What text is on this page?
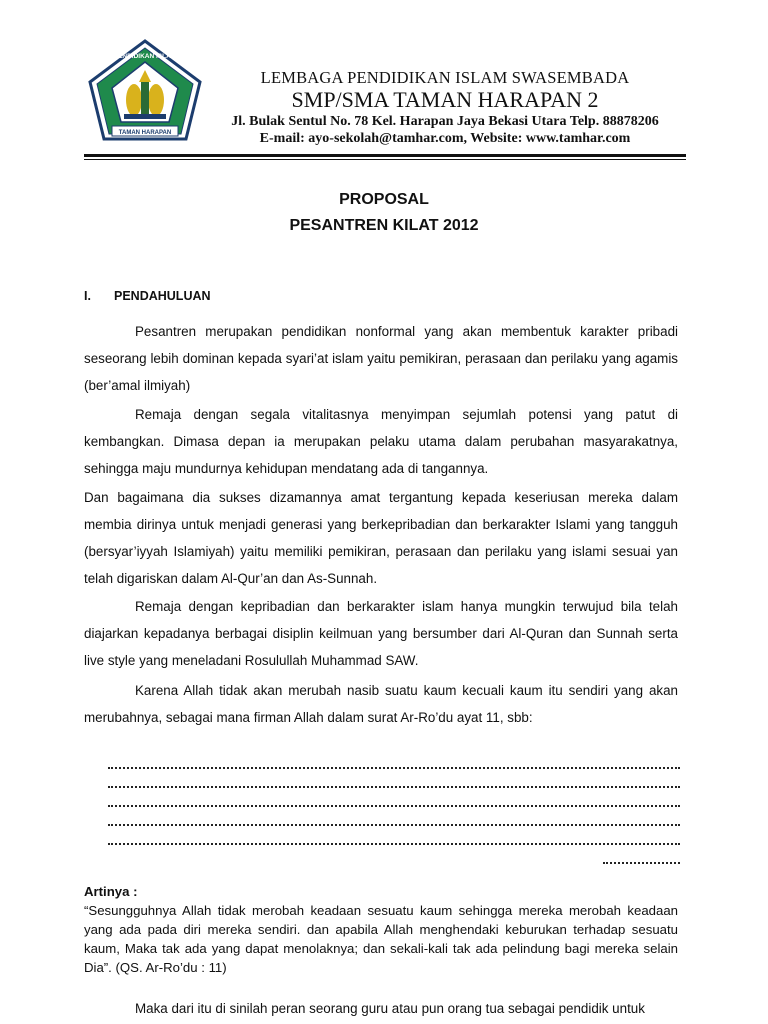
TAMAN HARAPAN
PENDIDIKAN ISLAM
LEMBAGA PENDIDIKAN ISLAM SWASEMBADA
SMP/SMA TAMAN HARAPAN 2
Jl. Bulak Sentul No. 78 Kel. Harapan Jaya Bekasi Utara Telp. 88878206
E-mail: ayo-sekolah@tamhar.com, Website: www.tamhar.com
PROPOSAL
PESANTREN KILAT 2012
I. PENDAHULUAN

Pesantren merupakan pendidikan nonformal yang akan membentuk karakter pribadi seseorang lebih dominan kepada syari’at islam yaitu pemikiran, perasaan dan perilaku yang agamis (ber’amal ilmiyah)

Remaja dengan segala vitalitasnya menyimpan sejumlah potensi yang patut di kembangkan. Dimasa depan ia merupakan pelaku utama dalam perubahan masyarakatnya, sehingga maju mundurnya kehidupan mendatang ada di tangannya.

Dan bagaimana dia sukses dizamannya amat tergantung kepada keseriusan mereka dalam membia dirinya untuk menjadi generasi yang berkepribadian dan berkarakter Islami yang tangguh (bersyar’iyyah Islamiyah) yaitu memiliki pemikiran, perasaan dan perilaku yang islami sesuai yan telah digariskan dalam Al-Qur’an dan As-Sunnah.

Remaja dengan kepribadian dan berkarakter islam hanya mungkin terwujud bila telah diajarkan kepadanya berbagai disiplin keilmuan yang bersumber dari Al-Quran dan Sunnah serta live style yang meneladani Rosulullah Muhammad SAW.

Karena Allah tidak akan merubah nasib suatu kaum kecuali kaum itu sendiri yang akan merubahnya, sebagai mana firman Allah dalam surat Ar-Ro’du ayat 11, sbb:

Artinya :

“Sesungguhnya Allah tidak merobah keadaan sesuatu kaum sehingga mereka merobah keadaan yang ada pada diri mereka sendiri. dan apabila Allah menghendaki keburukan terhadap sesuatu kaum, Maka tak ada yang dapat menolaknya; dan sekali-kali tak ada pelindung bagi mereka selain Dia”. (QS. Ar-Ro’du : 11)

Maka dari itu di sinilah peran seorang guru atau pun orang tua sebagai pendidik untuk
